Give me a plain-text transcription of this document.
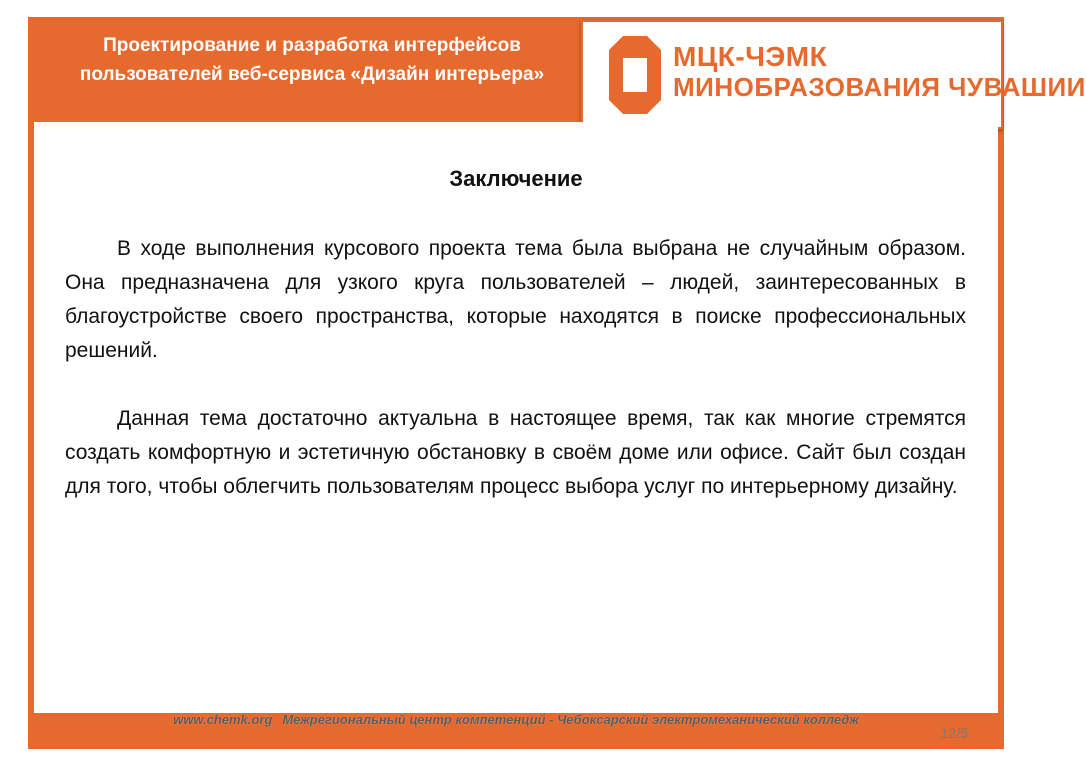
Проектирование и разработка интерфейсов пользователей веб-сервиса «Дизайн интерьера»
МЦК-ЧЭМК
МИНОБРАЗОВАНИЯ ЧУВАШИИ
Заключение

В ходе выполнения курсового проекта тема была выбрана не случайным образом. Она предназначена для узкого круга пользователей – людей, заинтересованных в благоустройстве своего пространства, которые находятся в поиске профессиональных решений.

Данная тема достаточно актуальна в настоящее время, так как многие стремятся создать комфортную и эстетичную обстановку в своём доме или офисе. Сайт был создан для того, чтобы облегчить пользователям процесс выбора услуг по интерьерному дизайну.

www.chemk.org Межрегиональный центр компетенций - Чебоксарский электромеханический колледж
12/5
